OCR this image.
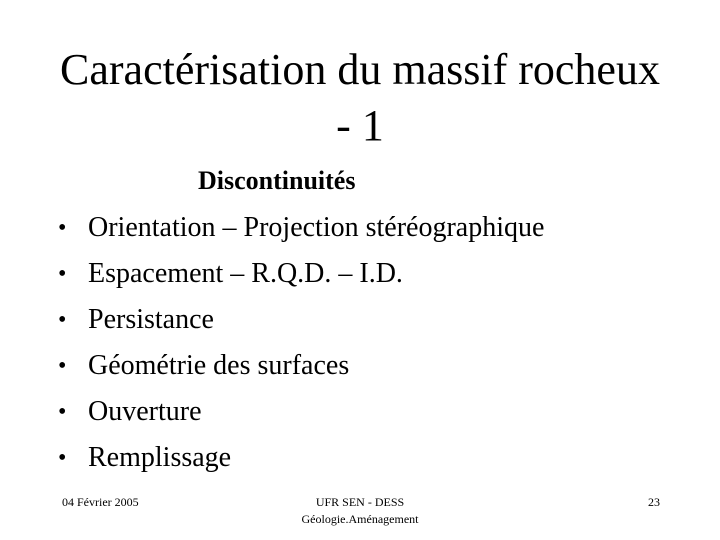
Caractérisation du massif rocheux
- 1
Discontinuités
• Orientation – Projection stéréographique
• Espacement – R.Q.D. – I.D.
• Persistance
• Géométrie des surfaces
• Ouverture
• Remplissage
04 Février 2005	UFR SEN - DESS
Géologie.Aménagement
23
